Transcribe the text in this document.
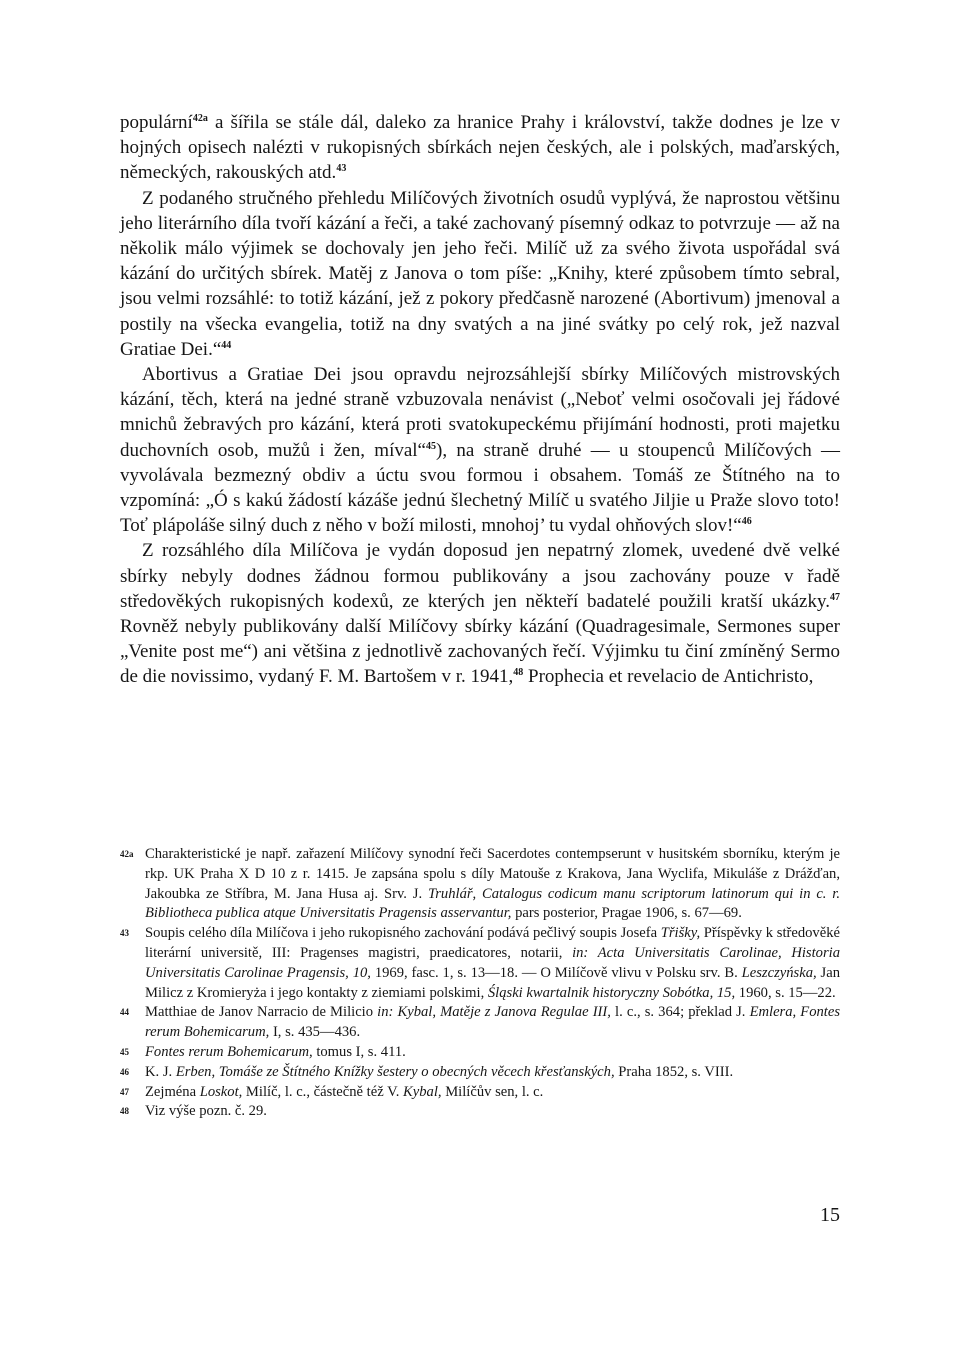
populární$^{42a}$ a šířila se stále dál, daleko za hranice Prahy i království, takže dodnes je lze v hojných opisech nalézti v rukopisných sbírkách nejen českých, ale i polských, maďarských, německých, rakouských atd.$^{43}$

Z podaného stručného přehledu Milíčových životních osudů vyplývá, že naprostou většinu jeho literárního díla tvoří kázání a řeči, a také zachovaný písemný odkaz to potvrzuje — až na několik málo výjimek se dochovaly jen jeho řeči. Milíč už za svého života uspořádal svá kázání do určitých sbírek. Matěj z Janova o tom píše: „Knihy, které způsobem tímto sebral, jsou velmi rozsáhlé: to totiž kázání, jež z pokory předčasně narozené (Abortivum) jmenoval a postily na všecka evangelia, totiž na dny svatých a na jiné svátky po celý rok, jež nazval Gratiae Dei.“$^{44}$

Abortivus a Gratiae Dei jsou opravdu nejrozsáhlejší sbírky Milíčových mistrovských kázání, těch, která na jedné straně vzbuzovala nenávist („Neboť velmi osočovali jej řádové mnichů žebravých pro kázání, která proti svatokupeckému přijímání hodnosti, proti majetku duchovních osob, mužů i žen, míval“$^{45}$), na straně druhé — u stoupenců Milíčových — vyvolávala bezmezný obdiv a úctu svou formou i obsahem. Tomáš ze Štítného na to vzpomíná: „Ó s kakú žádostí kázáše jednú šlechetný Milíč u svatého Jiljie u Praže slovo toto! Toť plápoláše silný duch z něho v boží milosti, mnohoj’ tu vydal ohňových slov!“$^{46}$

Z rozsáhlého díla Milíčova je vydán doposud jen nepatrný zlomek, uvedené dvě velké sbírky nebyly dodnes žádnou formou publikovány a jsou zachovány pouze v řadě středověkých rukopisných kodexů, ze kterých jen někteří badatelé použili kratší ukázky.$^{47}$ Rovněž nebyly publikovány další Milíčovy sbírky kázání (Quadragesimale, Sermones super „Venite post me“) ani většina z jednotlivě zachovaných řečí. Výjimku tu činí zmíněný Sermo de die novissimo, vydaný F. M. Bartošem v r. 1941,48 Prophecia et revelacio de Antichristo,

42a Charakteristické je např. zařazení Milíčovy synodní řeči Sacerdotes contempserunt v husitském sborníku, kterým je rkp. UK Praha X D 10 z r. 1415. Je zapsána spolu s díly Matouše z Krakova, Jana Wyclifa, Mikuláše z Drážďan, Jakoubka ze Stříbra, M. Jana Husa aj. Srv. J. Truhlář, Catalogus codicum manu scriptorum latinorum qui in c. r. Bibliotheca publica atque Universitatis Pragensis asservantur, pars posterior, Pragae 1906, s. 67—69.

43	Soupis celého díla Milíčova i jeho rukopisného zachování podává pečlivý soupis Josefa Třišky, Příspěvky k středověké literární universitě, III: Pragenses magistri, praedicatores, notarii, in: Acta Universitatis Carolinae, Historia Universitatis Carolinae Pragensis, 10, 1969, fasc. 1, s. 13—18. — O Milíčově vlivu v Polsku srv. B. Leszczyńska, Jan Milicz z Kromieryża i jego kontakty z ziemiami polskimi, Śląski kwartalnik historyczny Sobótka, 15, 1960, s. 15—22.

44	Matthiae de Janov Narracio de Milicio in: Kybal, Matěje z Janova Regulae III, l. c., s. 364; překlad J. Emlera, Fontes rerum Bohemicarum, I, s. 435—436.

45	Fontes rerum Bohemicarum, tomus I, s. 411.

46	K. J. Erben, Tomáše ze Štítného Knížky šestery o obecných věcech křesťanských, Praha 1852, s. VIII.

47	Zejména Loskot, Milíč, l. c., částečně též V. Kybal, Milíčův sen, l. c.

48	Viz výše pozn. č. 29.

15
